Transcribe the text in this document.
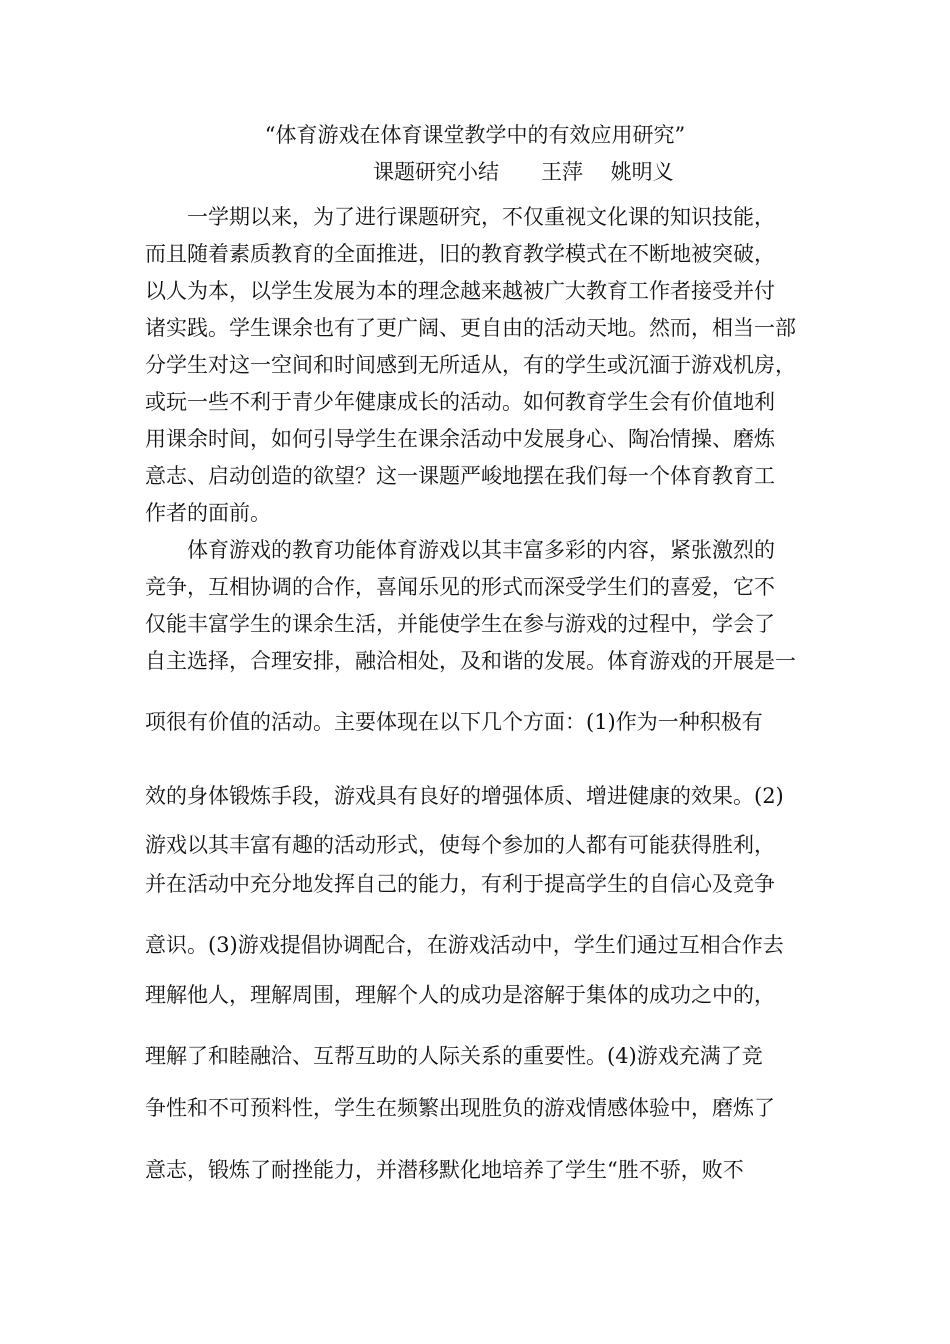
“体育游戏在体育课堂教学中的有效应用研究”
课题研究小结　　王萍　 姚明义
一学期以来，为了进行课题研究，不仅重视文化课的知识技能，
而且随着素质教育的全面推进，旧的教育教学模式在不断地被突破，
以人为本，以学生发展为本的理念越来越被广大教育工作者接受并付
诸实践。学生课余也有了更广阔、更自由的活动天地。然而，相当一部
分学生对这一空间和时间感到无所适从，有的学生或沉湎于游戏机房，
或玩一些不利于青少年健康成长的活动。如何教育学生会有价值地利
用课余时间，如何引导学生在课余活动中发展身心、陶冶情操、磨炼
意志、启动创造的欲望？这一课题严峻地摆在我们每一个体育教育工
作者的面前。
体育游戏的教育功能体育游戏以其丰富多彩的内容，紧张激烈的
竞争，互相协调的合作，喜闻乐见的形式而深受学生们的喜爱，它不
仅能丰富学生的课余生活，并能使学生在参与游戏的过程中，学会了
自主选择，合理安排，融洽相处，及和谐的发展。体育游戏的开展是一
项很有价值的活动。主要体现在以下几个方面：(1)作为一种积极有
效的身体锻炼手段，游戏具有良好的增强体质、增进健康的效果。(2)
游戏以其丰富有趣的活动形式，使每个参加的人都有可能获得胜利，
并在活动中充分地发挥自己的能力，有利于提高学生的自信心及竞争
意识。(3)游戏提倡协调配合，在游戏活动中，学生们通过互相合作去
理解他人，理解周围，理解个人的成功是溶解于集体的成功之中的，
理解了和睦融洽、互帮互助的人际关系的重要性。(4)游戏充满了竞
争性和不可预料性，学生在频繁出现胜负的游戏情感体验中，磨炼了
意志，锻炼了耐挫能力，并潜移默化地培养了学生“胜不骄，败不
